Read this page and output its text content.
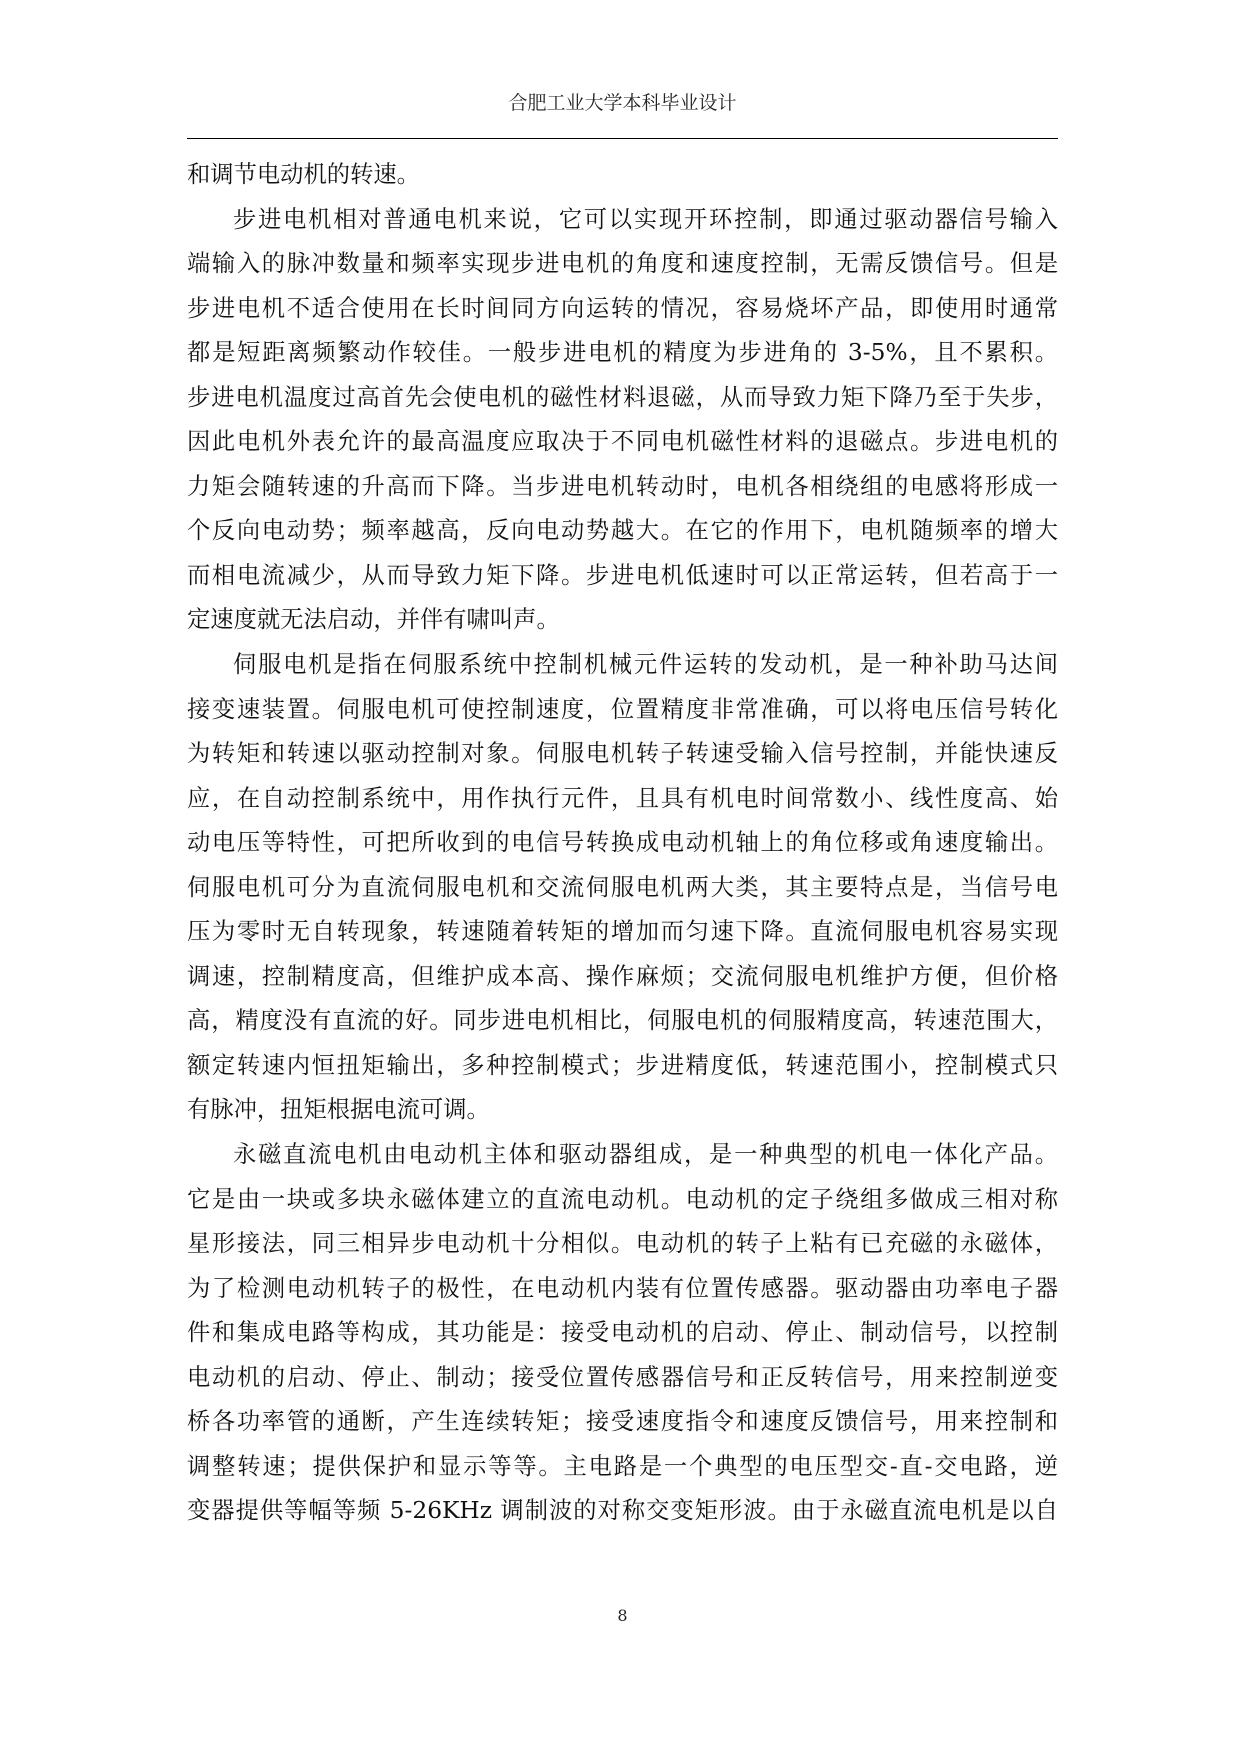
合肥工业大学本科毕业设计
和调节电动机的转速。
步进电机相对普通电机来说，它可以实现开环控制，即通过驱动器信号输入
端输入的脉冲数量和频率实现步进电机的角度和速度控制，无需反馈信号。但是
步进电机不适合使用在长时间同方向运转的情况，容易烧坏产品，即使用时通常
都是短距离频繁动作较佳。一般步进电机的精度为步进角的 3-5%，且不累积。
步进电机温度过高首先会使电机的磁性材料退磁，从而导致力矩下降乃至于失步，
因此电机外表允许的最高温度应取决于不同电机磁性材料的退磁点。步进电机的
力矩会随转速的升高而下降。当步进电机转动时，电机各相绕组的电感将形成一
个反向电动势；频率越高，反向电动势越大。在它的作用下，电机随频率的增大
而相电流减少，从而导致力矩下降。步进电机低速时可以正常运转，但若高于一
定速度就无法启动，并伴有啸叫声。
伺服电机是指在伺服系统中控制机械元件运转的发动机，是一种补助马达间
接变速装置。伺服电机可使控制速度，位置精度非常准确，可以将电压信号转化
为转矩和转速以驱动控制对象。伺服电机转子转速受输入信号控制，并能快速反
应，在自动控制系统中，用作执行元件，且具有机电时间常数小、线性度高、始
动电压等特性，可把所收到的电信号转换成电动机轴上的角位移或角速度输出。
伺服电机可分为直流伺服电机和交流伺服电机两大类，其主要特点是，当信号电
压为零时无自转现象，转速随着转矩的增加而匀速下降。直流伺服电机容易实现
调速，控制精度高，但维护成本高、操作麻烦；交流伺服电机维护方便，但价格
高，精度没有直流的好。同步进电机相比，伺服电机的伺服精度高，转速范围大，
额定转速内恒扭矩输出，多种控制模式；步进精度低，转速范围小，控制模式只
有脉冲，扭矩根据电流可调。
永磁直流电机由电动机主体和驱动器组成，是一种典型的机电一体化产品。
它是由一块或多块永磁体建立的直流电动机。电动机的定子绕组多做成三相对称
星形接法，同三相异步电动机十分相似。电动机的转子上粘有已充磁的永磁体，
为了检测电动机转子的极性，在电动机内装有位置传感器。驱动器由功率电子器
件和集成电路等构成，其功能是：接受电动机的启动、停止、制动信号，以控制
电动机的启动、停止、制动；接受位置传感器信号和正反转信号，用来控制逆变
桥各功率管的通断，产生连续转矩；接受速度指令和速度反馈信号，用来控制和
调整转速；提供保护和显示等等。主电路是一个典型的电压型交-直-交电路，逆
变器提供等幅等频 5-26KHz 调制波的对称交变矩形波。由于永磁直流电机是以自
8
